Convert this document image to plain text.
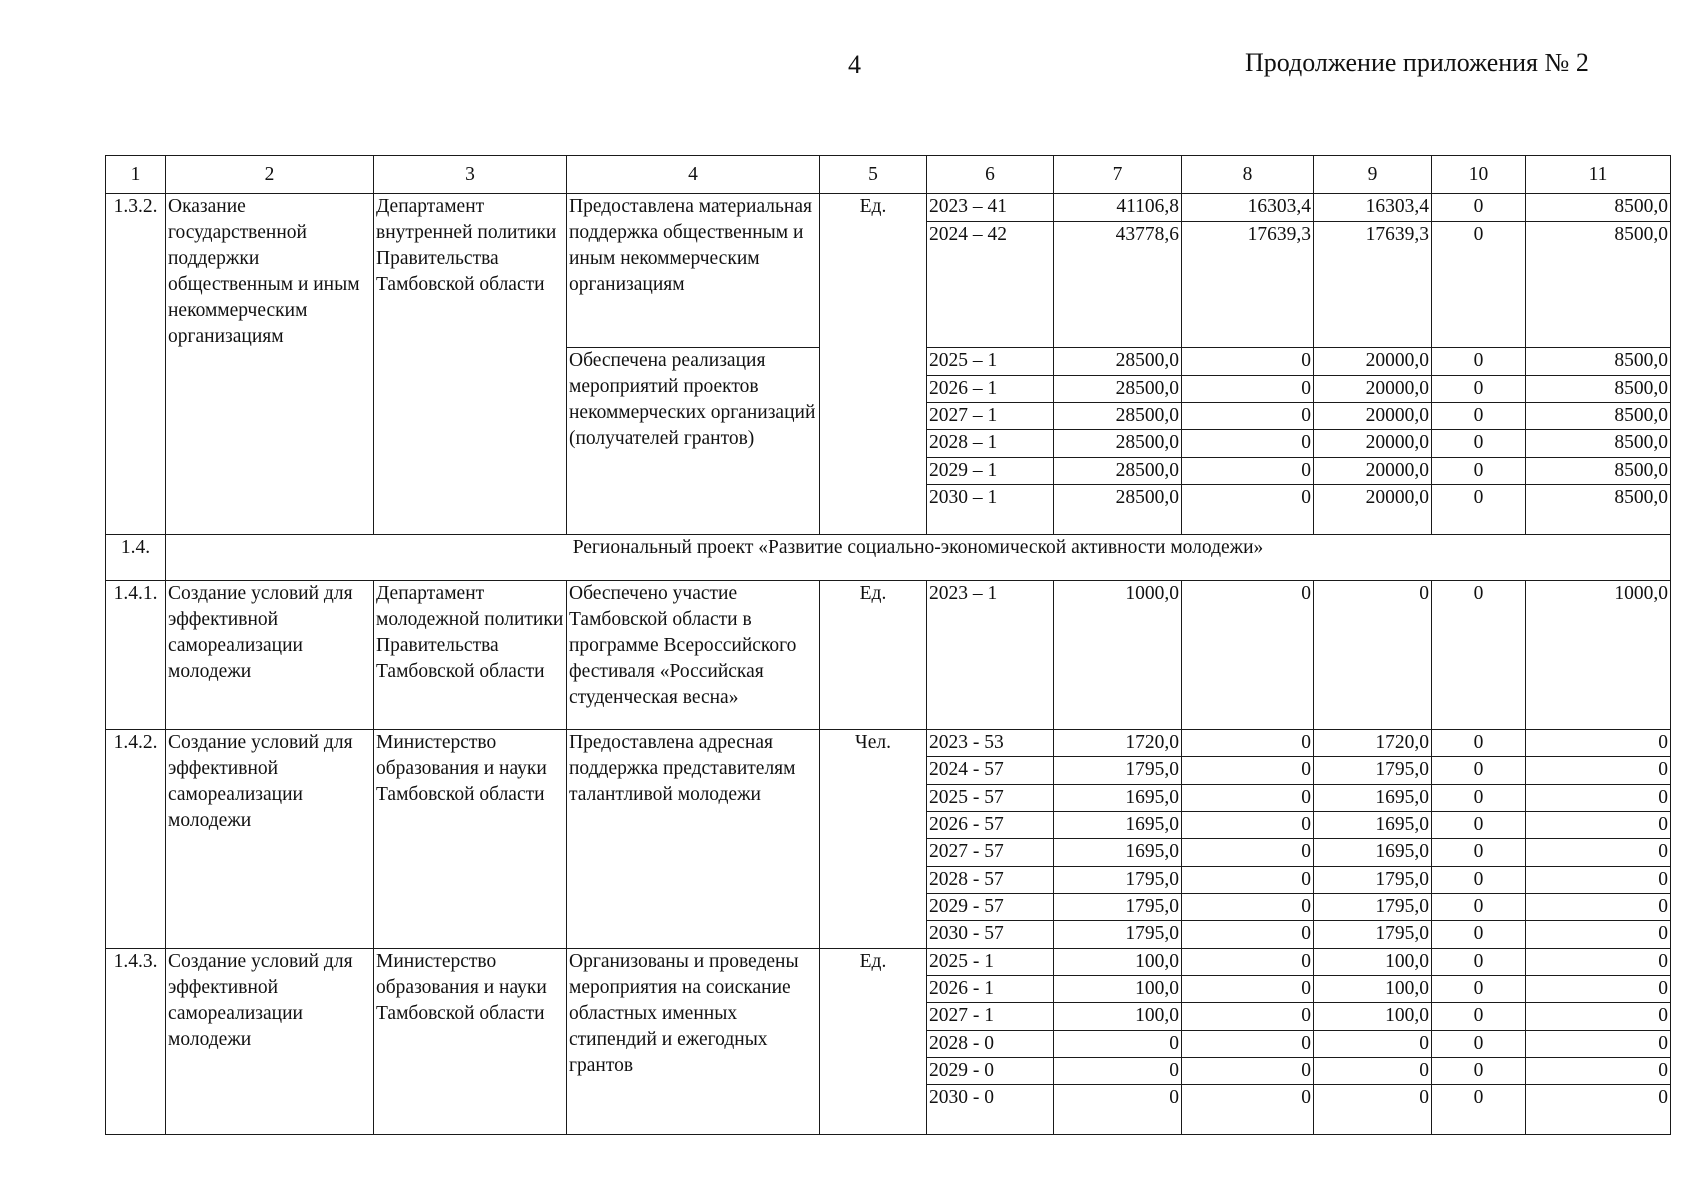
4	Продолжение приложения № 2
1	2	3	4	5	6	7	8	9	10	11
1.3.2.	Оказание государственной поддержки общественным и иным некоммерческим организациям	Департамент внутренней политики Правительства Тамбовской области	Предоставлена материальная поддержка общественным и иным некоммерческим организациям	Ед.	2023 – 41	41106,8	16303,4	16303,4	0	8500,0
					2024 – 42	43778,6	17639,3	17639,3	0	8500,0
			Обеспечена реализация мероприятий проектов некоммерческих организаций (получателей грантов)		2025 – 1	28500,0	0	20000,0	0	8500,0
					2026 – 1	28500,0	0	20000,0	0	8500,0
					2027 – 1	28500,0	0	20000,0	0	8500,0
					2028 – 1	28500,0	0	20000,0	0	8500,0
					2029 – 1	28500,0	0	20000,0	0	8500,0
					2030 – 1	28500,0	0	20000,0	0	8500,0
1.4.	Региональный проект «Развитие социально-экономической активности молодежи»									
1.4.1.	Создание условий для эффективной самореализации молодежи	Департамент молодежной политики Правительства Тамбовской области	Обеспечено участие Тамбовской области в программе Всероссийского фестиваля «Российская студенческая весна»	Ед.	2023 – 1	1000,0	0	0	0	1000,0
1.4.2.	Создание условий для эффективной самореализации молодежи	Министерство образования и науки Тамбовской области	Предоставлена адресная поддержка представителям талантливой молодежи	Чел.	2023 - 53	1720,0	0	1720,0	0	0
					2024 - 57	1795,0	0	1795,0	0	0
					2025 - 57	1695,0	0	1695,0	0	0
					2026 - 57	1695,0	0	1695,0	0	0
					2027 - 57	1695,0	0	1695,0	0	0
					2028 - 57	1795,0	0	1795,0	0	0
					2029 - 57	1795,0	0	1795,0	0	0
					2030 - 57	1795,0	0	1795,0	0	0
1.4.3.	Создание условий для эффективной самореализации молодежи	Министерство образования и науки Тамбовской области	Организованы и проведены мероприятия на соискание областных именных стипендий и ежегодных грантов	Ед.	2025 - 1	100,0	0	100,0	0	0
					2026 - 1	100,0	0	100,0	0	0
					2027 - 1	100,0	0	100,0	0	0
					2028 - 0	0	0	0	0	0
					2029 - 0	0	0	0	0	0
					2030 - 0	0	0	0	0	0
